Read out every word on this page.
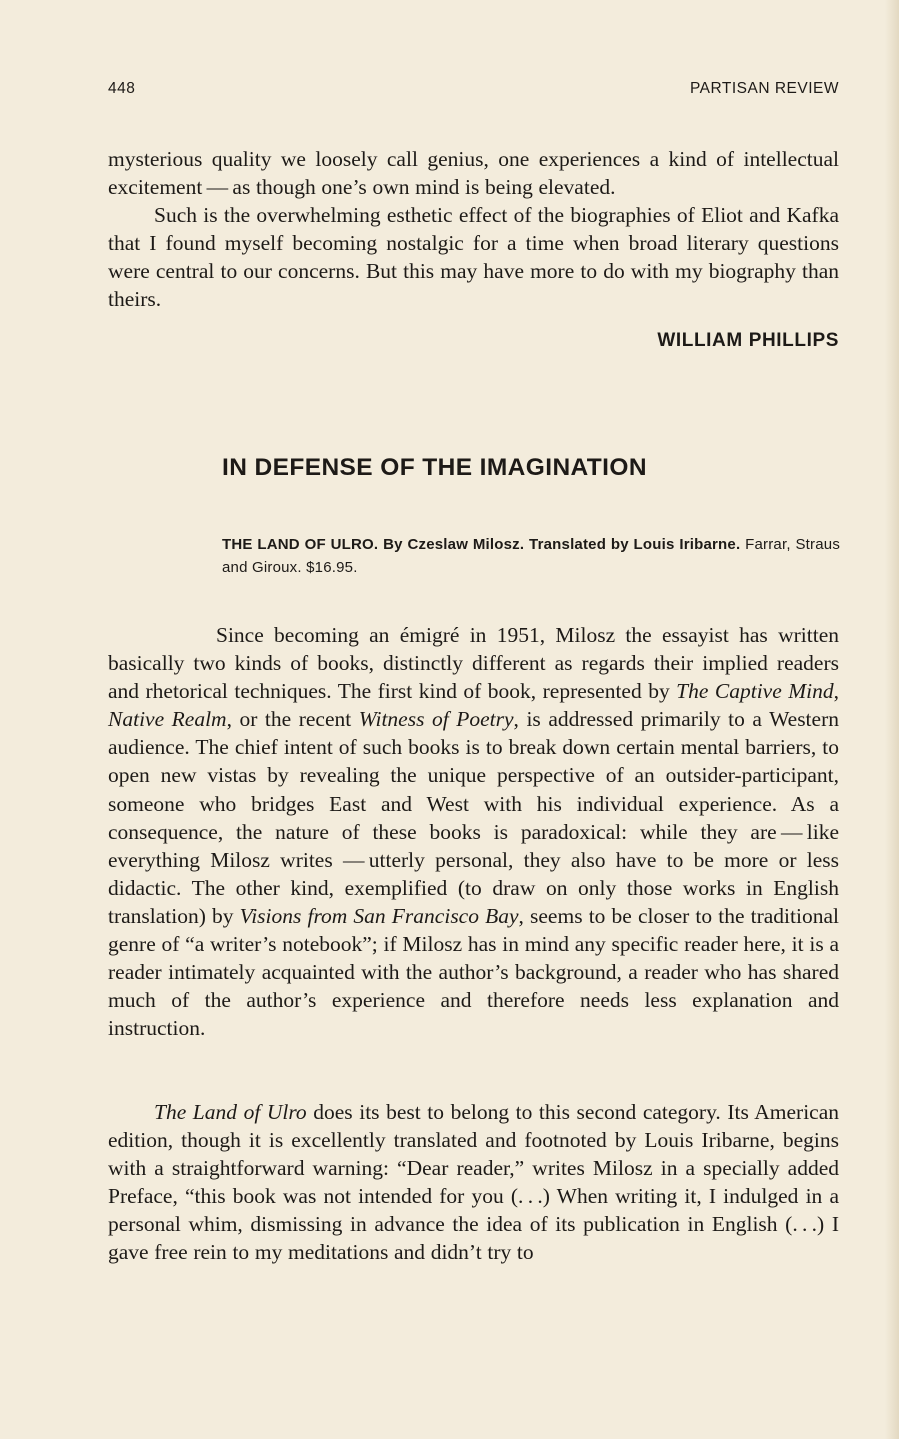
448	PARTISAN REVIEW

mysterious quality we loosely call genius, one experiences a kind of intellectual excitement — as though one’s own mind is being elevated.

Such is the overwhelming esthetic effect of the biographies of Eliot and Kafka that I found myself becoming nostalgic for a time when broad literary questions were central to our concerns. But this may have more to do with my biography than theirs.

WILLIAM PHILLIPS
IN DEFENSE OF THE IMAGINATION

THE LAND OF ULRO. By Czeslaw Milosz. Translated by Louis Iribarne. Farrar, Straus and Giroux. $16.95.

Since becoming an émigré in 1951, Milosz the essayist has written basically two kinds of books, distinctly different as regards their implied readers and rhetorical techniques. The first kind of book, represented by The Captive Mind, Native Realm, or the recent Witness of Poetry, is addressed primarily to a Western audience. The chief intent of such books is to break down certain mental barriers, to open new vistas by revealing the unique perspective of an outsider-participant, someone who bridges East and West with his individual experience. As a consequence, the nature of these books is paradoxical: while they are — like everything Milosz writes — utterly personal, they also have to be more or less didactic. The other kind, exemplified (to draw on only those works in English translation) by Visions from San Francisco Bay, seems to be closer to the traditional genre of “a writer’s notebook”; if Milosz has in mind any specific reader here, it is a reader intimately acquainted with the author’s background, a reader who has shared much of the author’s experience and therefore needs less explanation and instruction.

The Land of Ulro does its best to belong to this second category. Its American edition, though it is excellently translated and footnoted by Louis Iribarne, begins with a straightforward warning: “Dear reader,” writes Milosz in a specially added Preface, “this book was not intended for you (. . .) When writing it, I indulged in a personal whim, dismissing in advance the idea of its publication in English (. . .) I gave free rein to my meditations and didn’t try to
